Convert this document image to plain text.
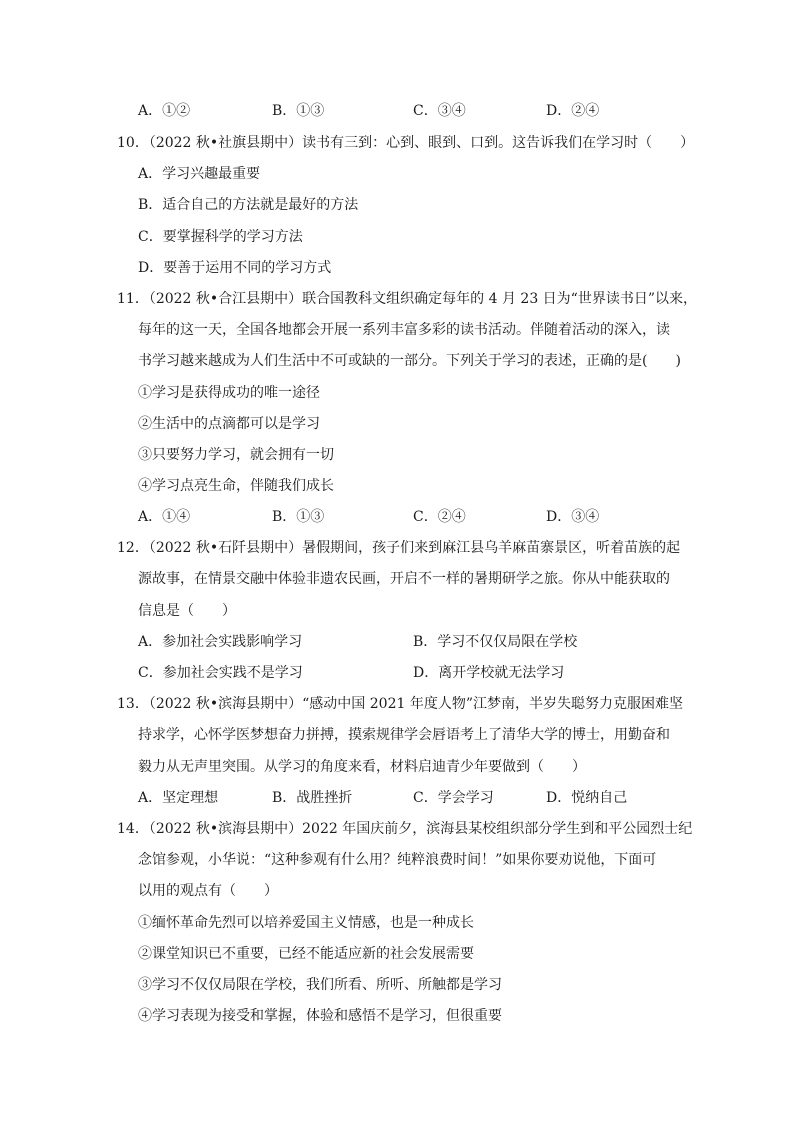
A．①②	B．①③	C．③④	D．②④
10．（2022 秋•社旗县期中）读书有三到：心到、眼到、口到。这告诉我们在学习时（　　）
A．学习兴趣最重要
B．适合自己的方法就是最好的方法
C．要掌握科学的学习方法
D．要善于运用不同的学习方式
11．（2022 秋•合江县期中）联合国教科文组织确定每年的 4 月 23 日为“世界读书日”以来，
每年的这一天，全国各地都会开展一系列丰富多彩的读书活动。伴随着活动的深入，读
书学习越来越成为人们生活中不可或缺的一部分。下列关于学习的表述，正确的是(　　)
①学习是获得成功的唯一途径
②生活中的点滴都可以是学习
③只要努力学习，就会拥有一切
④学习点亮生命，伴随我们成长
A．①④	B．①③	C．②④	D．③④
12．（2022 秋•石阡县期中）暑假期间，孩子们来到麻江县乌羊麻苗寨景区，听着苗族的起
源故事，在情景交融中体验非遗农民画，开启不一样的暑期研学之旅。你从中能获取的
信息是（　　）
A．参加社会实践影响学习	B．学习不仅仅局限在学校
C．参加社会实践不是学习	D．离开学校就无法学习
13．（2022 秋•滨海县期中）“感动中国 2021 年度人物”江梦南，半岁失聪努力克服困难坚
持求学，心怀学医梦想奋力拼搏，摸索规律学会唇语考上了清华大学的博士，用勤奋和
毅力从无声里突围。从学习的角度来看，材料启迪青少年要做到（　　）
A．坚定理想	B．战胜挫折	C．学会学习	D．悦纳自己
14．（2022 秋•滨海县期中）2022 年国庆前夕，滨海县某校组织部分学生到和平公园烈士纪
念馆参观，小华说：“这种参观有什么用？纯粹浪费时间！”如果你要劝说他，下面可
以用的观点有（　　）
①缅怀革命先烈可以培养爱国主义情感，也是一种成长
②课堂知识已不重要，已经不能适应新的社会发展需要
③学习不仅仅局限在学校，我们所看、所听、所触都是学习
④学习表现为接受和掌握，体验和感悟不是学习，但很重要
